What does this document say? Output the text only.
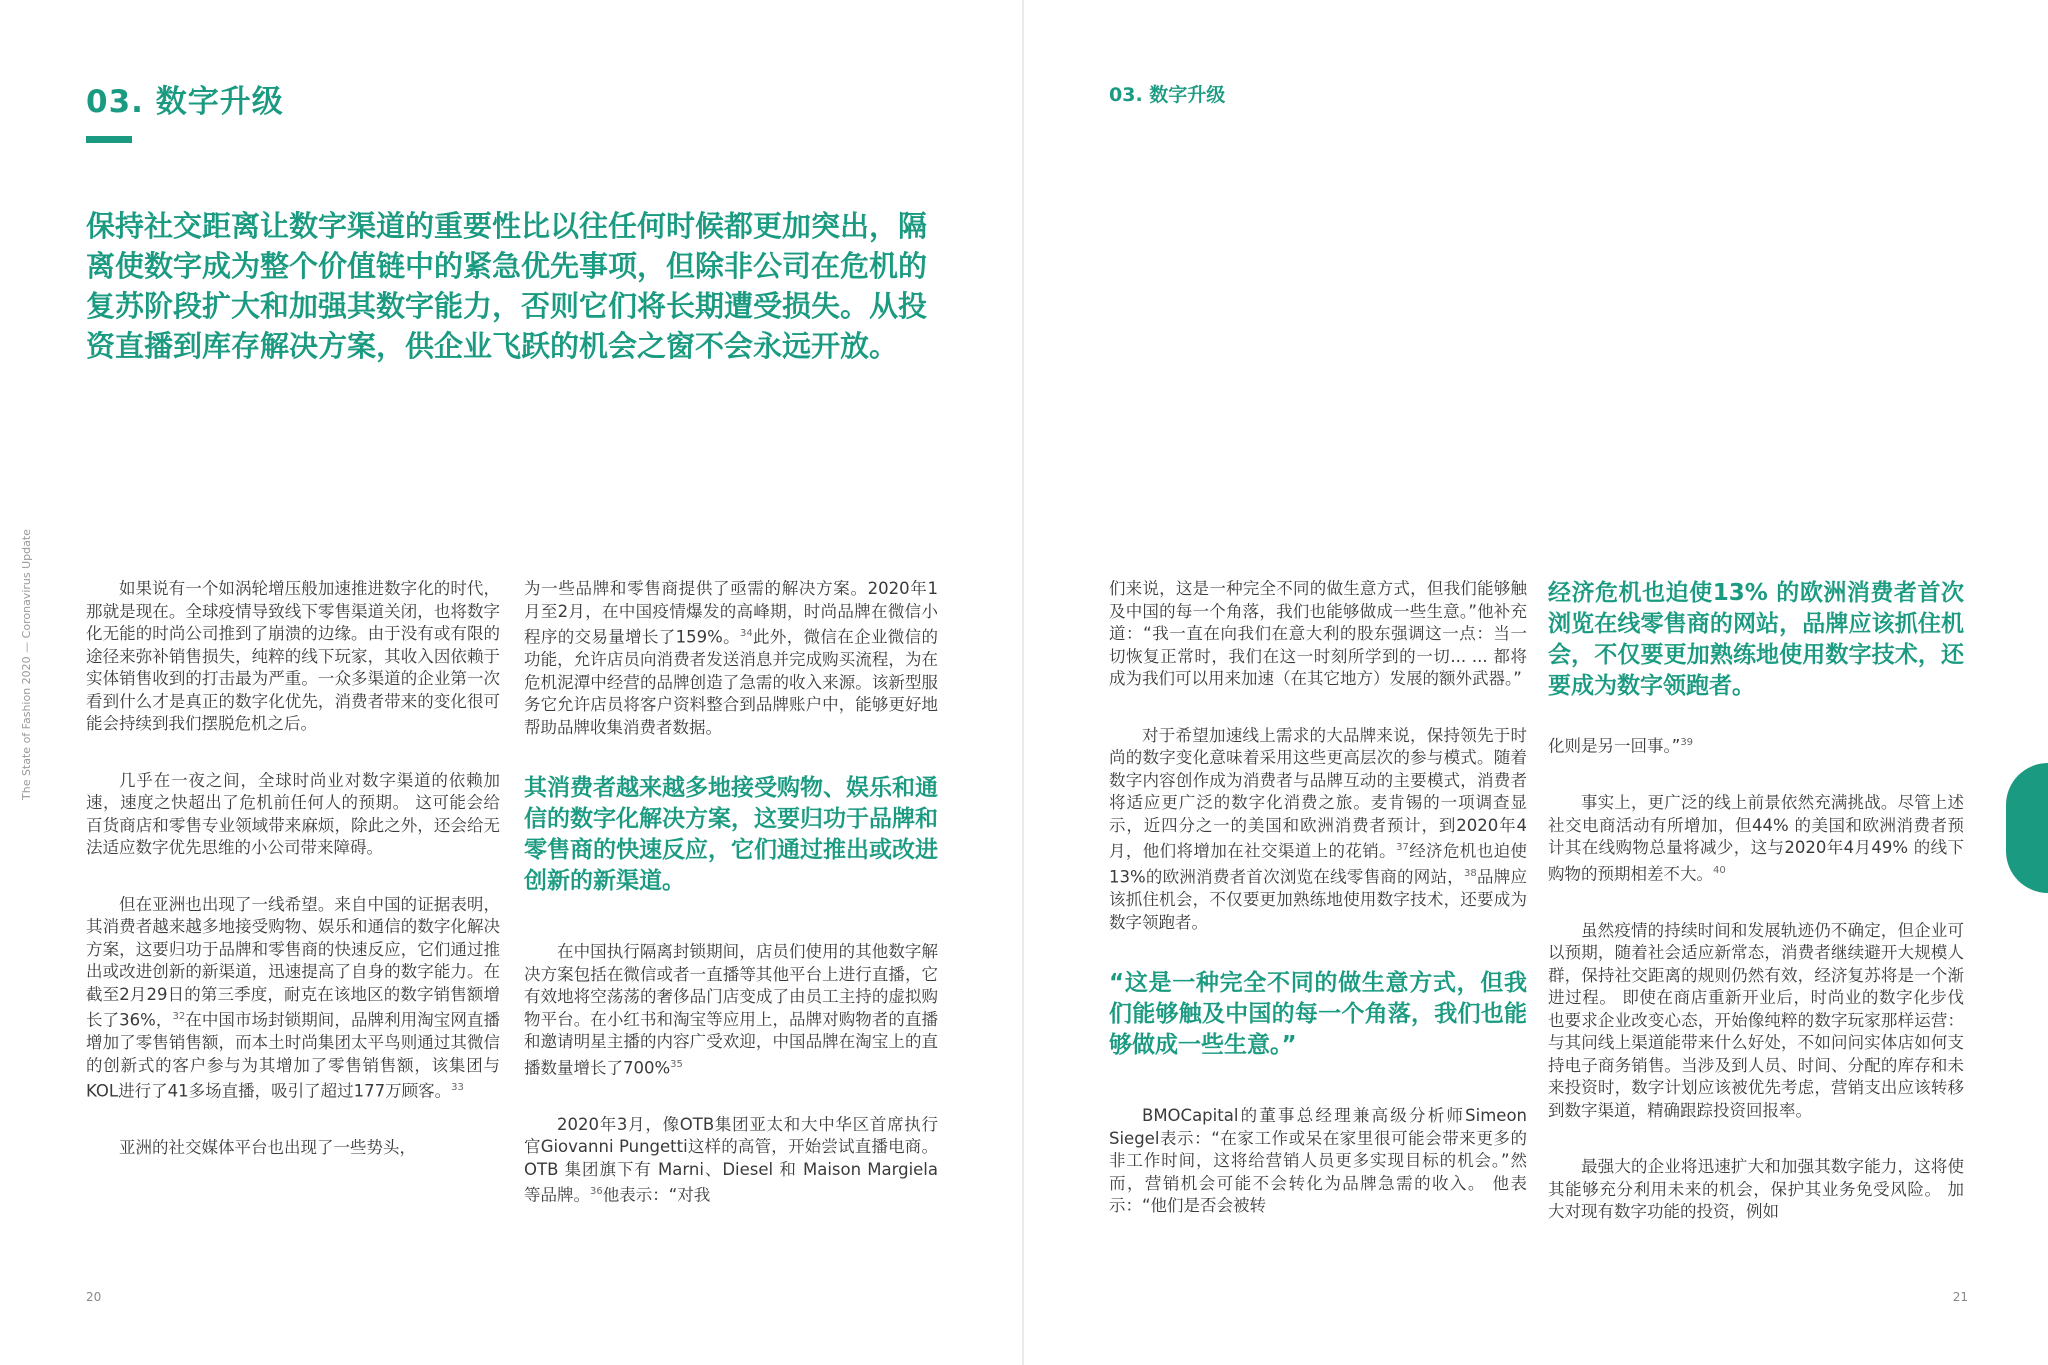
The State of Fashion 2020 — Coronavirus Update
03. 数字升级
保持社交距离让数字渠道的重要性比以往任何时候都更加突出，隔离使数字成为整个价值链中的紧急优先事项，但除非公司在危机的复苏阶段扩大和加强其数字能力，否则它们将长期遭受损失。从投资直播到库存解决方案，供企业飞跃的机会之窗不会永远开放。

如果说有一个如涡轮增压般加速推进数字化的时代，那就是现在。全球疫情导致线下零售渠道关闭，也将数字化无能的时尚公司推到了崩溃的边缘。由于没有或有限的途径来弥补销售损失，纯粹的线下玩家，其收入因依赖于实体销售收到的打击最为严重。一众多渠道的企业第一次看到什么才是真正的数字化优先，消费者带来的变化很可能会持续到我们摆脱危机之后。

几乎在一夜之间，全球时尚业对数字渠道的依赖加速，速度之快超出了危机前任何人的预期。 这可能会给百货商店和零售专业领域带来麻烦，除此之外，还会给无法适应数字优先思维的小公司带来障碍。

但在亚洲也出现了一线希望。来自中国的证据表明，其消费者越来越多地接受购物、娱乐和通信的数字化解决方案，这要归功于品牌和零售商的快速反应，它们通过推出或改进创新的新渠道，迅速提高了自身的数字能力。在截至2月29日的第三季度，耐克在该地区的数字销售额增长了36%，$^{32}$在中国市场封锁期间，品牌利用淘宝网直播增加了零售销售额，而本土时尚集团太平鸟则通过其微信的创新式的客户参与为其增加了零售销售额，该集团与KOL进行了41多场直播，吸引了超过177万顾客。$^{33}$

亚洲的社交媒体平台也出现了一些势头，

为一些品牌和零售商提供了亟需的解决方案。2020年1月至2月，在中国疫情爆发的高峰期，时尚品牌在微信小程序的交易量增长了159%。$^{34}$此外，微信在企业微信的功能，允许店员向消费者发送消息并完成购买流程，为在危机泥潭中经营的品牌创造了急需的收入来源。该新型服务它允许店员将客户资料整合到品牌账户中，能够更好地帮助品牌收集消费者数据。

其消费者越来越多地接受购物、娱乐和通信的数字化解决方案，这要归功于品牌和零售商的快速反应，它们通过推出或改进创新的新渠道。

在中国执行隔离封锁期间，店员们使用的其他数字解决方案包括在微信或者一直播等其他平台上进行直播，它有效地将空荡荡的奢侈品门店变成了由员工主持的虚拟购物平台。在小红书和淘宝等应用上，品牌对购物者的直播和邀请明星主播的内容广受欢迎，中国品牌在淘宝上的直播数量增长了700%$^{35}$

2020年3月，像OTB集团亚太和大中华区首席执行官Giovanni Pungetti这样的高管，开始尝试直播电商。 OTB 集团旗下有 Marni、Diesel 和 Maison Margiela 等品牌。$^{36}$他表示：“对我

20
03. 数字升级

们来说，这是一种完全不同的做生意方式，但我们能够触及中国的每一个角落，我们也能够做成一些生意。”他补充道：“我一直在向我们在意大利的股东强调这一点：当一切恢复正常时，我们在这一时刻所学到的一切... ... 都将成为我们可以用来加速（在其它地方）发展的额外武器。”

对于希望加速线上需求的大品牌来说，保持领先于时尚的数字变化意味着采用这些更高层次的参与模式。随着数字内容创作成为消费者与品牌互动的主要模式，消费者将适应更广泛的数字化消费之旅。麦肯锡的一项调查显示，近四分之一的美国和欧洲消费者预计，到2020年4月，他们将增加在社交渠道上的花销。$^{37}$经济危机也迫使13%的欧洲消费者首次浏览在线零售商的网站，$^{38}$品牌应该抓住机会，不仅要更加熟练地使用数字技术，还要成为数字领跑者。

“这是一种完全不同的做生意方式，但我们能够触及中国的每一个角落，我们也能够做成一些生意。”

BMOCapital的董事总经理兼高级分析师Simeon Siegel表示：“在家工作或呆在家里很可能会带来更多的非工作时间，这将给营销人员更多实现目标的机会。”然而，营销机会可能不会转化为品牌急需的收入。 他表示：“他们是否会被转

经济危机也迫使13% 的欧洲消费者首次浏览在线零售商的网站，品牌应该抓住机会，不仅要更加熟练地使用数字技术，还要成为数字领跑者。

化则是另一回事。”$^{39}$

事实上，更广泛的线上前景依然充满挑战。尽管上述社交电商活动有所增加，但44% 的美国和欧洲消费者预计其在线购物总量将减少，这与2020年4月49% 的线下购物的预期相差不大。$^{40}$

虽然疫情的持续时间和发展轨迹仍不确定，但企业可以预期，随着社会适应新常态，消费者继续避开大规模人群，保持社交距离的规则仍然有效，经济复苏将是一个渐进过程。 即使在商店重新开业后，时尚业的数字化步伐也要求企业改变心态，开始像纯粹的数字玩家那样运营：与其问线上渠道能带来什么好处，不如问问实体店如何支持电子商务销售。当涉及到人员、时间、分配的库存和未来投资时，数字计划应该被优先考虑，营销支出应该转移到数字渠道，精确跟踪投资回报率。

最强大的企业将迅速扩大和加强其数字能力，这将使其能够充分利用未来的机会，保护其业务免受风险。 加大对现有数字功能的投资，例如

21
